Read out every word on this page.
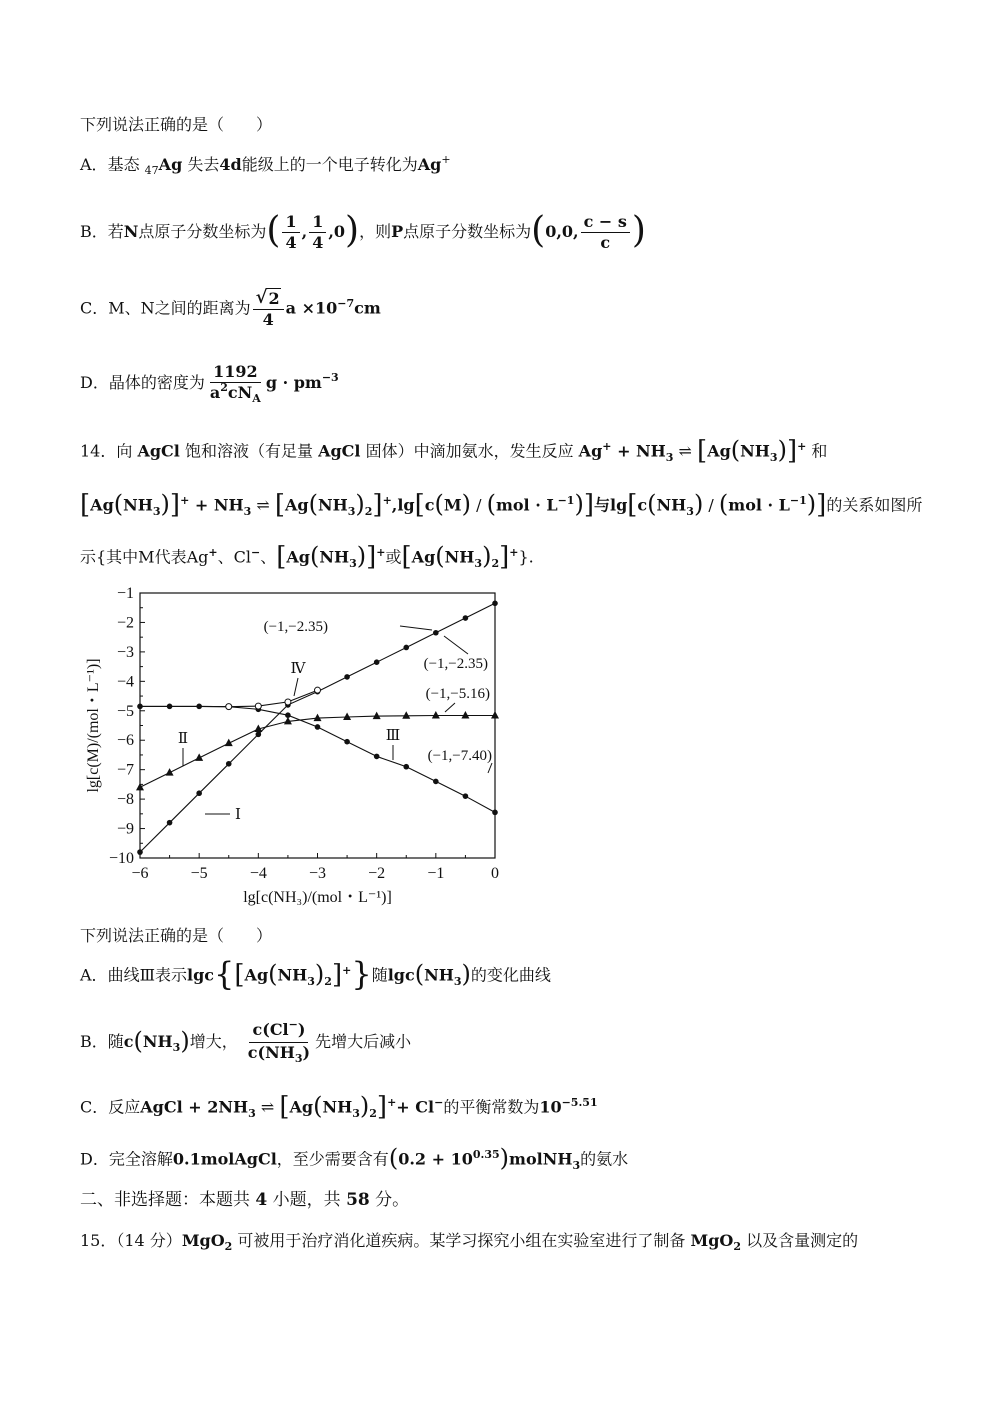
下列说法正确的是（　　）
A．基态 $_{47}$Ag 失去4d能级上的一个电子转化为Ag+
B．若N点原子分数坐标为( $\frac{1}{4}$ , $\frac{1}{4} ,0$)，则P点原子分数坐标为(0,0, $\frac{c - s}{c}$ )
C．M、N之间的距离为 $\frac{√ 2}{4}$ $a \times 10^{-7}cm$
D．晶体的密度为 $\frac{1192}{a^2cN_A}$ $g \cdot pm^{-3}$
14．向 AgCl 饱和溶液（有足量 AgCl 固体）中滴加氨水，发生反应 $Ag^+ + NH_3$ ⇌ $[Ag(NH_3)]^+$ 和
$[Ag(NH_3)]^+ + NH_3$ ⇌ $[Ag(NH_3)_2]^+,\lg[c(M) / (mol \cdot L^{-1})]$与$\lg[c(NH_3) / (mol \cdot L^{-1})]$的关系如图所
示{其中M代表Ag+、Cl−、$[Ag(NH_3)]^+$或$[Ag(NH_3)_2]^+$}.
−6	−5	−4	−3	−2	−1	0
−1
−2
−3
−4
−5
−6
−7
−8
−9
−10
lg[c(NH₃)/(mol・L⁻¹)]
lg[c(M)/(mol・L⁻¹)]
(−1,−2.35)
(−1,−2.35)
(−1,−5.16)
(−1,−7.40)
Ⅰ
Ⅱ	Ⅲ
Ⅳ
下列说法正确的是（　　）
A．曲线Ⅲ表示$\lg c\{[Ag(NH_3)_2]^+\}$随$\lg c(NH_3)$的变化曲线
B．随$c(NH_3)$增大， $\frac{c(Cl^-)}{c(NH_3)}$ 先增大后减小
C．反应AgCl + $2NH_3$ ⇌ $[Ag(NH_3)_2]^++ Cl^-$的平衡常数为$10^{-5.51}$
D．完全溶解0.1molAgCl，至少需要含有$(0.2 + 10^{0.35})molNH_3$的氨水
二、非选择题：本题共 4 小题，共 58 分。
15．（14 分）MgO$_2$ 可被用于治疗消化道疾病。某学习探究小组在实验室进行了制备 MgO$_2$ 以及含量测定的
